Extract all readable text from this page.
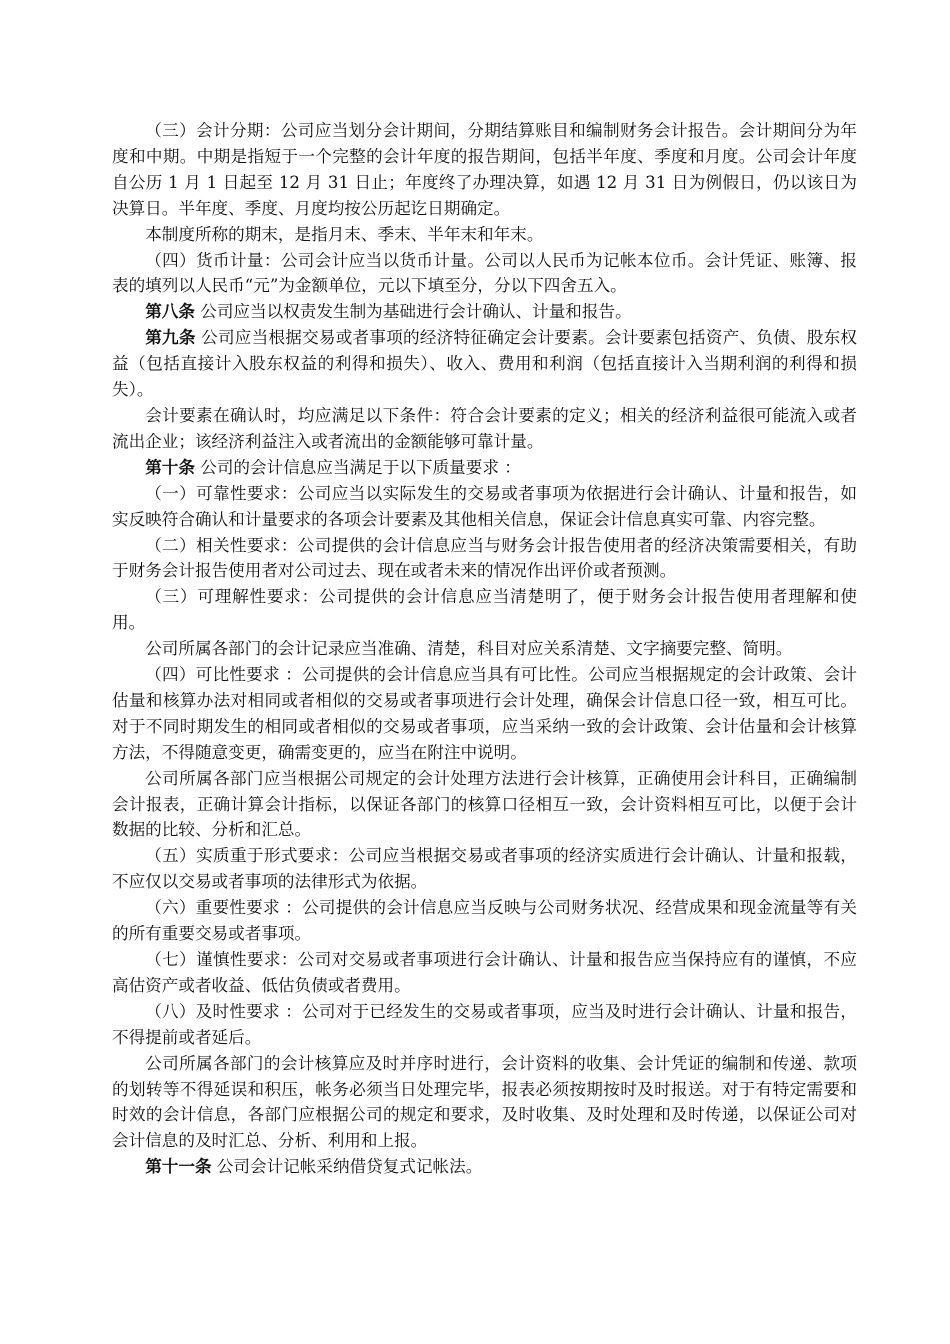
（三）会计分期：公司应当划分会计期间，分期结算账目和编制财务会计报告。会计期间分为年度和中期。中期是指短于一个完整的会计年度的报告期间，包括半年度、季度和月度。公司会计年度自公历 1 月 1 日起至 12 月 31 日止；年度终了办理决算，如遇 12 月 31 日为例假日，仍以该日为决算日。半年度、季度、月度均按公历起讫日期确定。

本制度所称的期末，是指月末、季末、半年末和年末。

（四）货币计量：公司会计应当以货币计量。公司以人民币为记帐本位币。会计凭证、账簿、报表的填列以人民币“元”为金额单位，元以下填至分，分以下四舍五入。

第八条 公司应当以权责发生制为基础进行会计确认、计量和报告。

第九条 公司应当根据交易或者事项的经济特征确定会计要素。会计要素包括资产、负债、股东权益（包括直接计入股东权益的利得和损失）、收入、费用和利润（包括直接计入当期利润的利得和损失）。

会计要素在确认时，均应满足以下条件：符合会计要素的定义；相关的经济利益很可能流入或者流出企业；该经济利益注入或者流出的金额能够可靠计量。

第十条 公司的会计信息应当满足于以下质量要求 ：

（一）可靠性要求：公司应当以实际发生的交易或者事项为依据进行会计确认、计量和报告，如实反映符合确认和计量要求的各项会计要素及其他相关信息，保证会计信息真实可靠、内容完整。

（二）相关性要求：公司提供的会计信息应当与财务会计报告使用者的经济决策需要相关，有助于财务会计报告使用者对公司过去、现在或者未来的情况作出评价或者预测。

（三）可理解性要求：公司提供的会计信息应当清楚明了，便于财务会计报告使用者理解和使用。

公司所属各部门的会计记录应当准确、清楚，科目对应关系清楚、文字摘要完整、简明。

（四）可比性要求 ：公司提供的会计信息应当具有可比性。公司应当根据规定的会计政策、会计估量和核算办法对相同或者相似的交易或者事项进行会计处理，确保会计信息口径一致，相互可比。对于不同时期发生的相同或者相似的交易或者事项，应当采纳一致的会计政策、会计估量和会计核算方法，不得随意变更，确需变更的，应当在附注中说明。

公司所属各部门应当根据公司规定的会计处理方法进行会计核算，正确使用会计科目，正确编制会计报表，正确计算会计指标，以保证各部门的核算口径相互一致，会计资料相互可比，以便于会计数据的比较、分析和汇总。

（五）实质重于形式要求：公司应当根据交易或者事项的经济实质进行会计确认、计量和报载，不应仅以交易或者事项的法律形式为依据。

（六）重要性要求 ：公司提供的会计信息应当反映与公司财务状况、经营成果和现金流量等有关的所有重要交易或者事项。

（七）谨慎性要求：公司对交易或者事项进行会计确认、计量和报告应当保持应有的谨慎，不应高估资产或者收益、低估负债或者费用。

（八）及时性要求 ：公司对于已经发生的交易或者事项，应当及时进行会计确认、计量和报告，不得提前或者延后。

公司所属各部门的会计核算应及时并序时进行，会计资料的收集、会计凭证的编制和传递、款项的划转等不得延误和积压，帐务必须当日处理完毕，报表必须按期按时及时报送。对于有特定需要和时效的会计信息，各部门应根据公司的规定和要求，及时收集、及时处理和及时传递，以保证公司对会计信息的及时汇总、分析、利用和上报。

第十一条 公司会计记帐采纳借贷复式记帐法。
